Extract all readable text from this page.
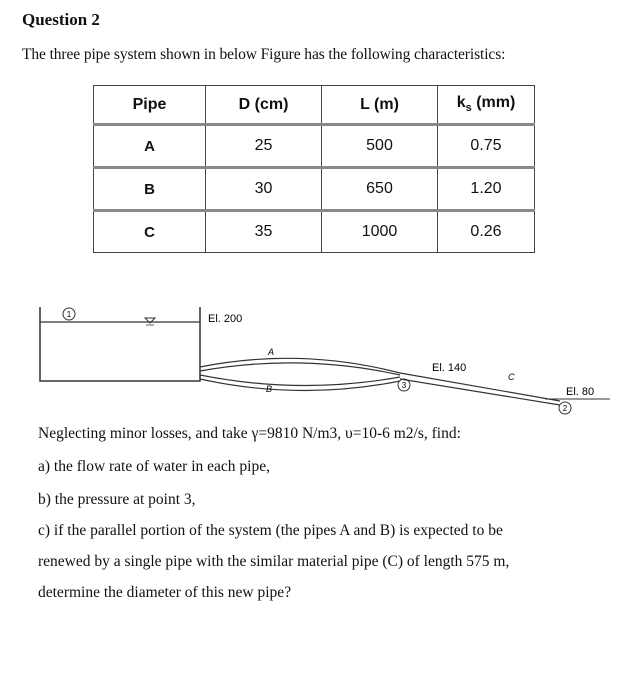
Question 2
The three pipe system shown in below Figure has the following characteristics:
Pipe	D (cm)	L (m)	$k_s$ (mm)
A	25	500	0.75
B	30	650	1.20
C	35	1000	0.26
1	El. 200
A
B
C
3
El. 140
2
El. 80
Neglecting minor losses, and take γ=9810 N/m3, υ=10-6 m2/s, find:
a) the flow rate of water in each pipe,
b) the pressure at point 3,
c) if the parallel portion of the system (the pipes A and B) is expected to be
renewed by a single pipe with the similar material pipe (C) of length 575 m,
determine the diameter of this new pipe?
